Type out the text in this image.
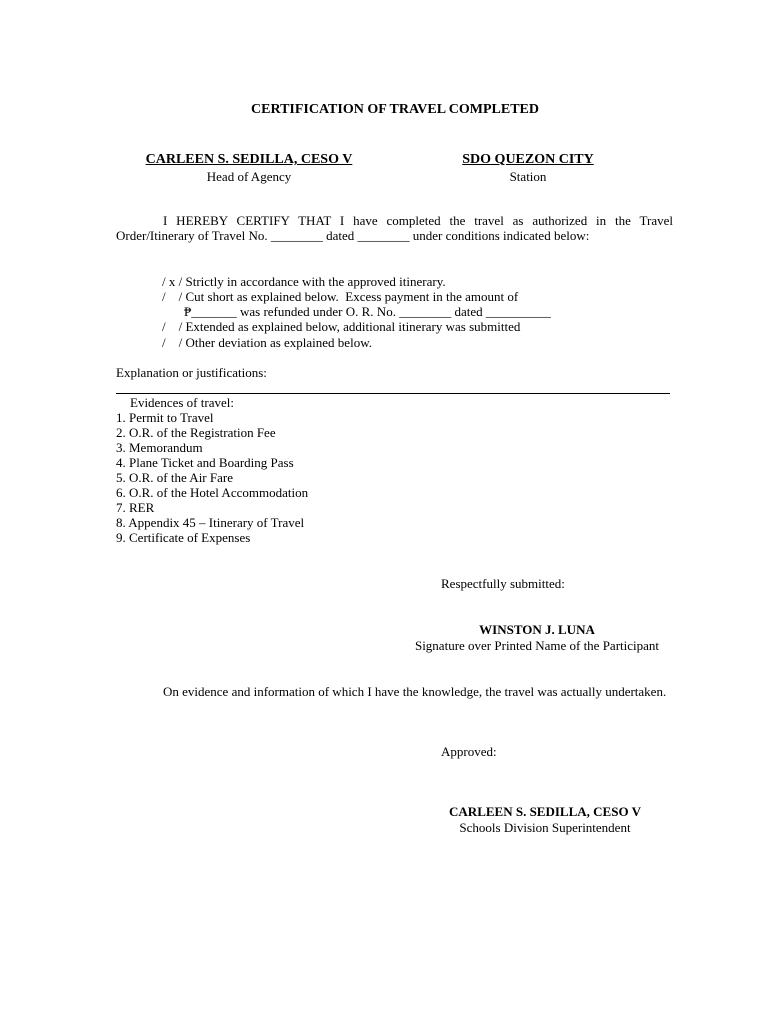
CERTIFICATION OF TRAVEL COMPLETED
CARLEEN S. SEDILLA, CESO V
Head of Agency
SDO QUEZON CITY
Station
I HEREBY CERTIFY THAT I have completed the travel as authorized in the Travel Order/Itinerary of Travel No. ________ dated ________ under conditions indicated below:
/ x / Strictly in accordance with the approved itinerary.
/    / Cut short as explained below.  Excess payment in the amount of
₱_______ was refunded under O. R. No. ________ dated __________
/    / Extended as explained below, additional itinerary was submitted
/    / Other deviation as explained below.
Explanation or justifications:
Evidences of travel:
1. Permit to Travel
2. O.R. of the Registration Fee
3. Memorandum
4. Plane Ticket and Boarding Pass
5. O.R. of the Air Fare
6. O.R. of the Hotel Accommodation
7. RER
8. Appendix 45 – Itinerary of Travel
9. Certificate of Expenses
Respectfully submitted:
WINSTON J. LUNA
Signature over Printed Name of the Participant
On evidence and information of which I have the knowledge, the travel was actually undertaken.
Approved:
CARLEEN S. SEDILLA, CESO V
Schools Division Superintendent
